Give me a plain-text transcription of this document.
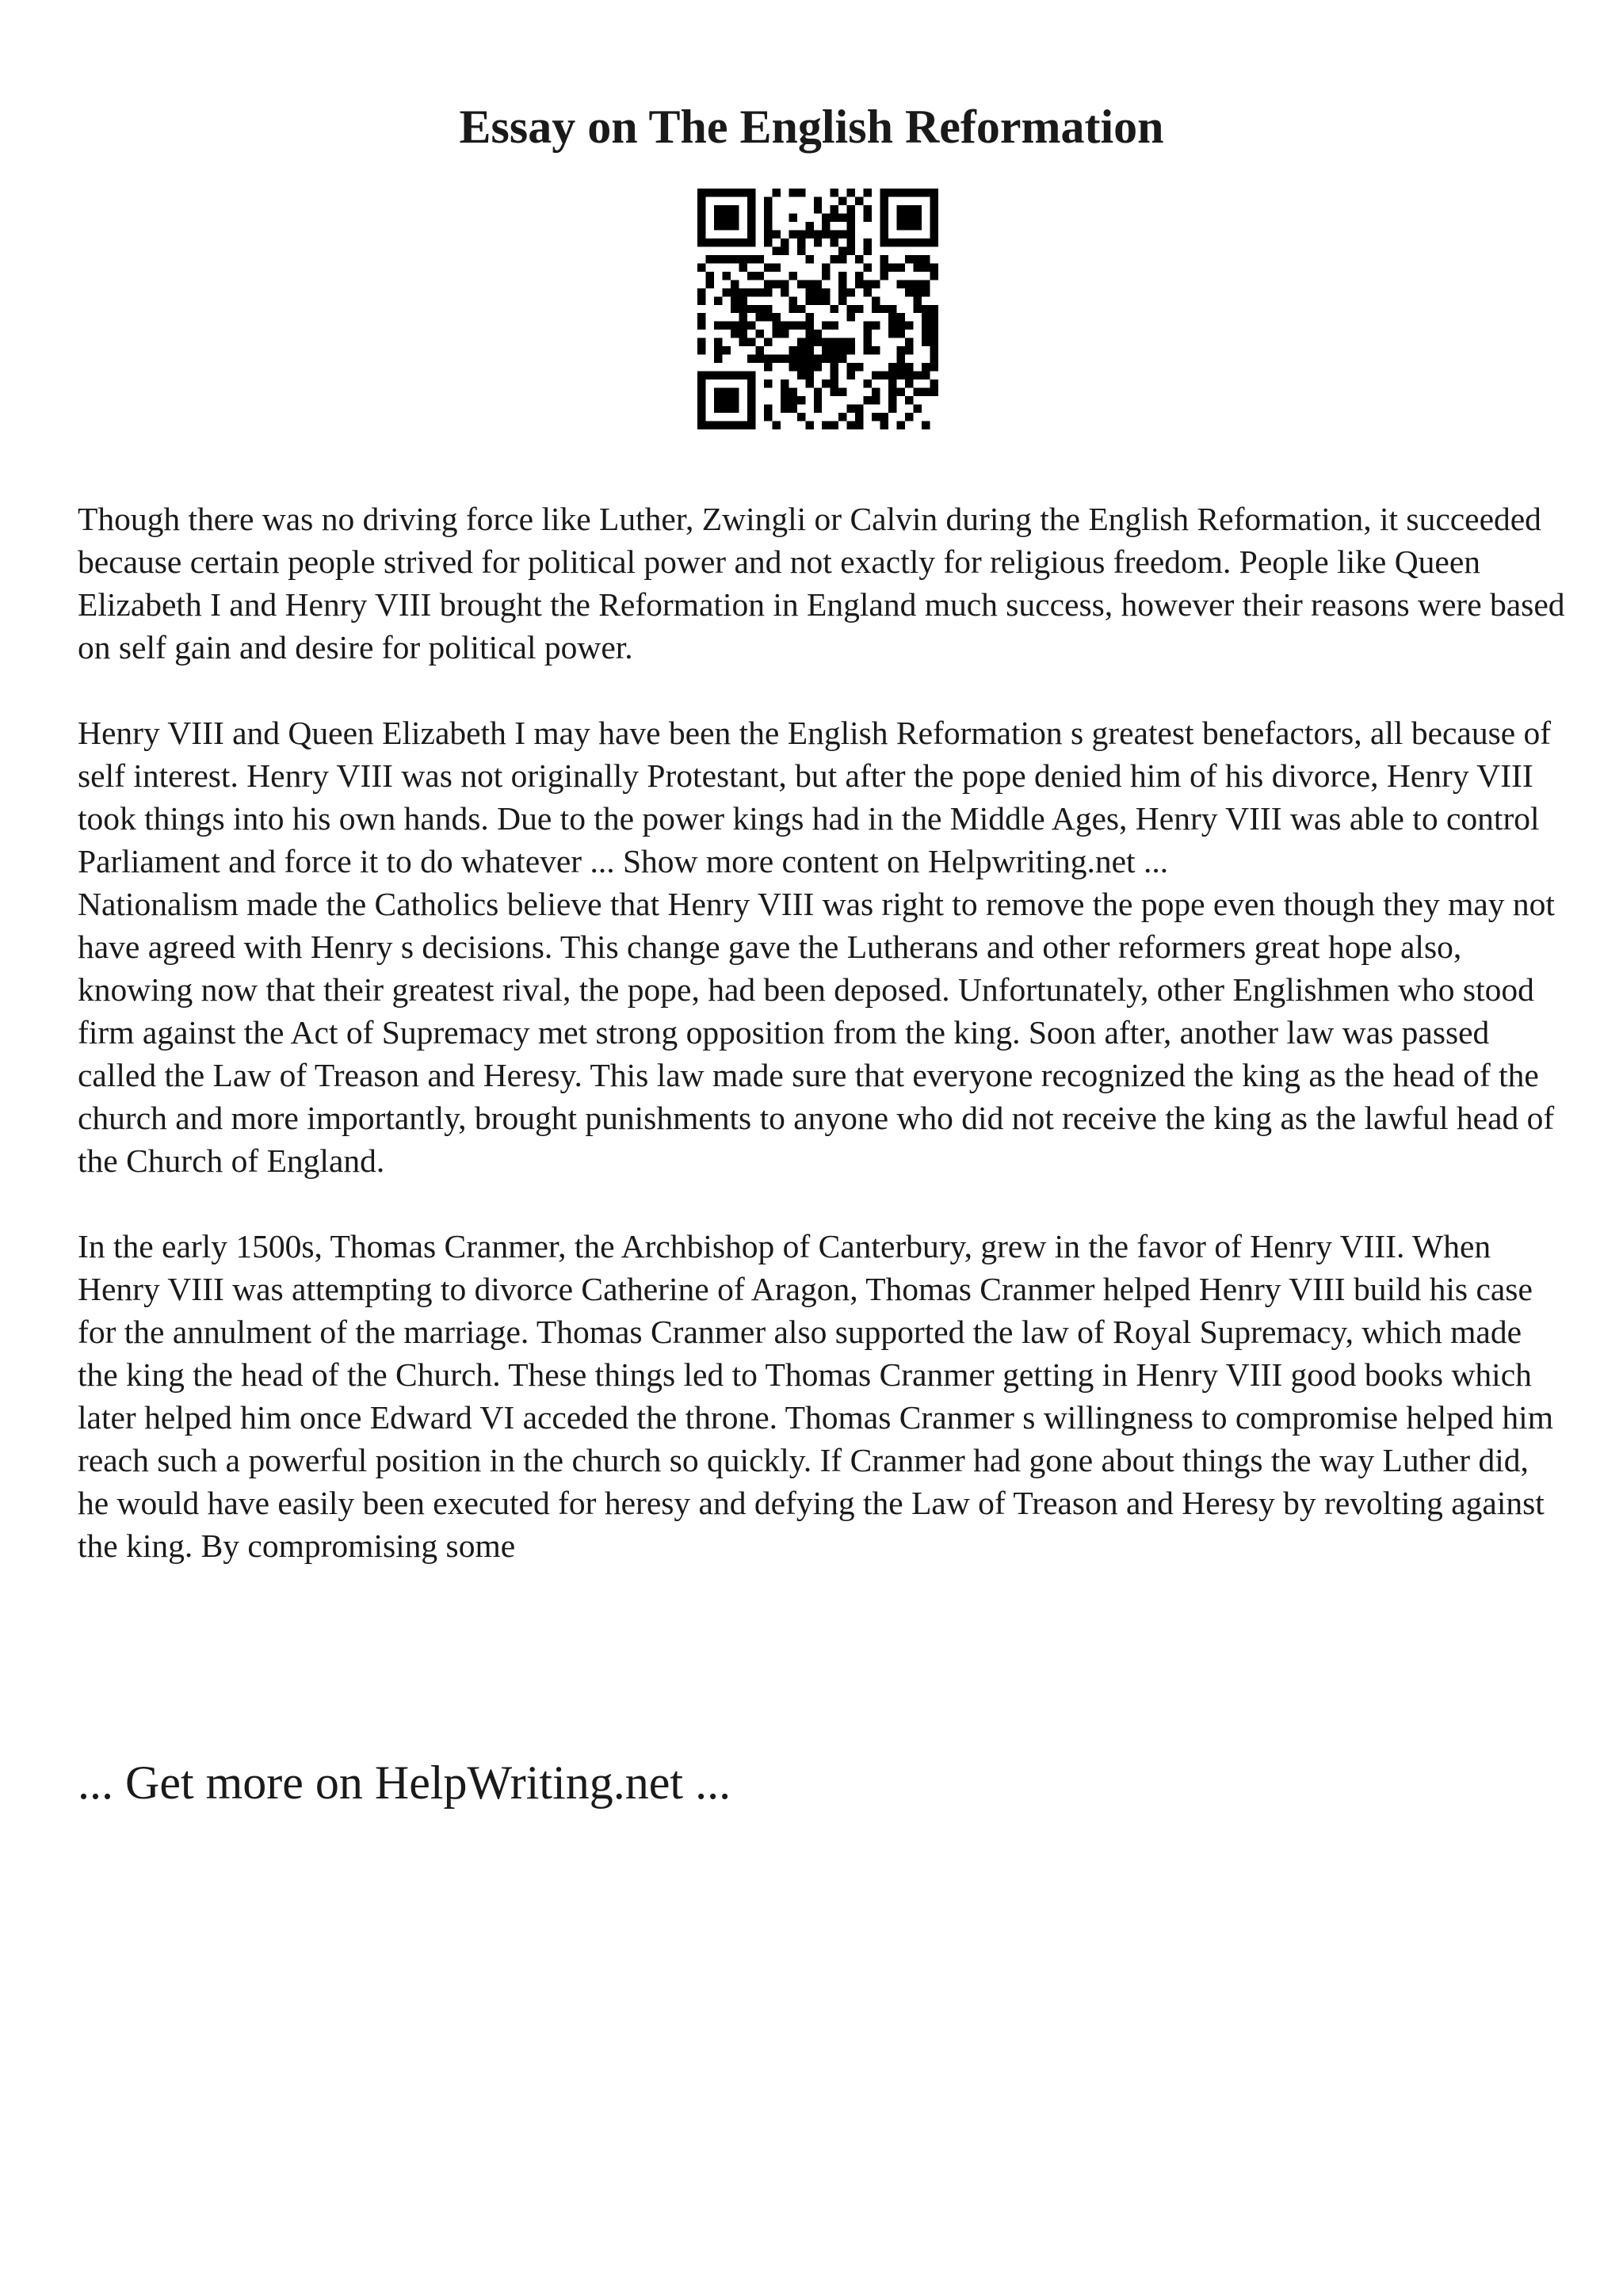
Essay on The English Reformation

Though there was no driving force like Luther, Zwingli or Calvin during the English Reformation, it succeeded because certain people strived for political power and not exactly for religious freedom. People like Queen Elizabeth I and Henry VIII brought the Reformation in England much success, however their reasons were based on self gain and desire for political power.

Henry VIII and Queen Elizabeth I may have been the English Reformation s greatest benefactors, all because of self interest. Henry VIII was not originally Protestant, but after the pope denied him of his divorce, Henry VIII took things into his own hands. Due to the power kings had in the Middle Ages, Henry VIII was able to control Parliament and force it to do whatever ... Show more content on Helpwriting.net ...

Nationalism made the Catholics believe that Henry VIII was right to remove the pope even though they may not have agreed with Henry s decisions. This change gave the Lutherans and other reformers great hope also, knowing now that their greatest rival, the pope, had been deposed. Unfortunately, other Englishmen who stood firm against the Act of Supremacy met strong opposition from the king. Soon after, another law was passed called the Law of Treason and Heresy. This law made sure that everyone recognized the king as the head of the church and more importantly, brought punishments to anyone who did not receive the king as the lawful head of the Church of England.

In the early 1500s, Thomas Cranmer, the Archbishop of Canterbury, grew in the favor of Henry VIII. When Henry VIII was attempting to divorce Catherine of Aragon, Thomas Cranmer helped Henry VIII build his case for the annulment of the marriage. Thomas Cranmer also supported the law of Royal Supremacy, which made the king the head of the Church. These things led to Thomas Cranmer getting in Henry VIII good books which later helped him once Edward VI acceded the throne. Thomas Cranmer s willingness to compromise helped him reach such a powerful position in the church so quickly. If Cranmer had gone about things the way Luther did, he would have easily been executed for heresy and defying the Law of Treason and Heresy by revolting against the king. By compromising some

... Get more on HelpWriting.net ...
